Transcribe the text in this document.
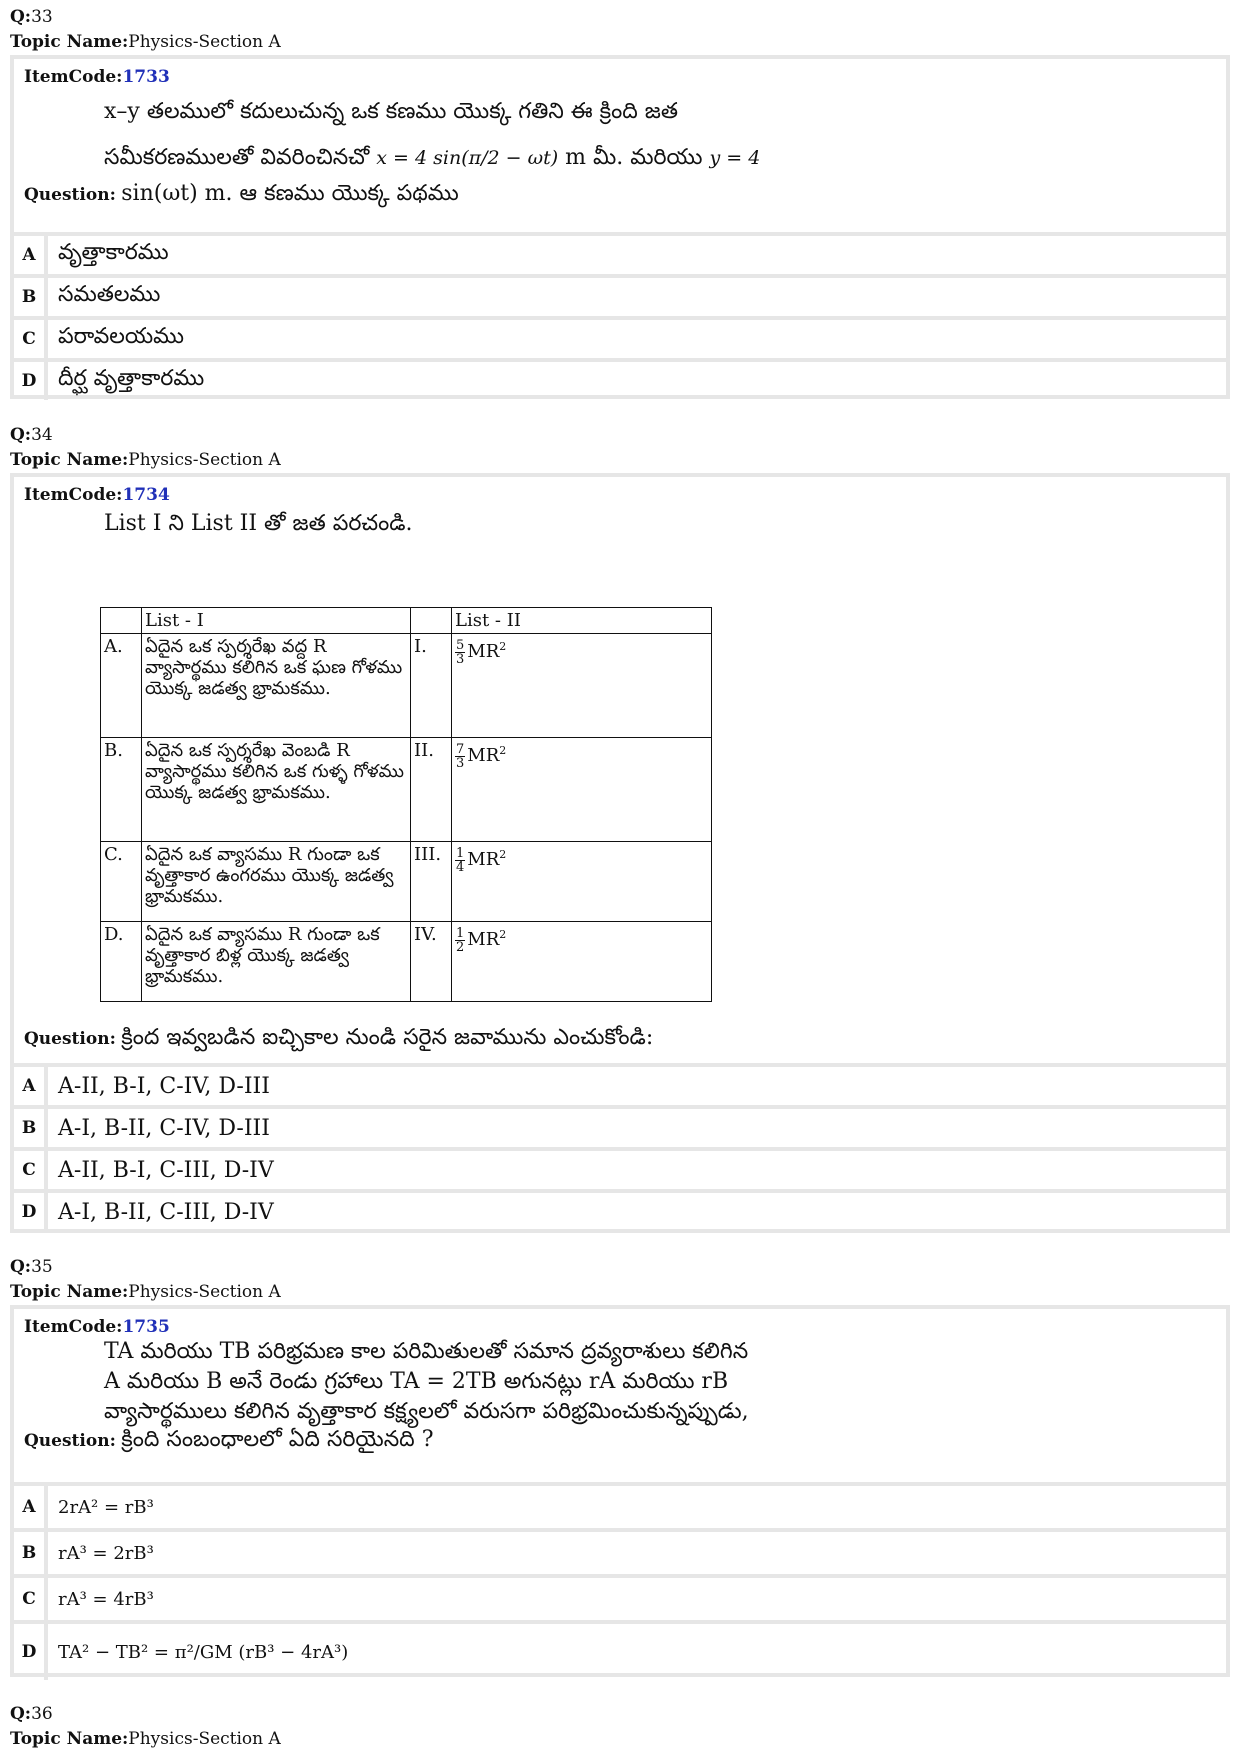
Q:33
Topic Name:Physics-Section A
ItemCode:1733
x–y తలములో కదులుచున్న ఒక కణము యొక్క గతిని ఈ క్రింది జత
సమీకరణములతో వివరించినచో x = 4 sin(π/2 − ωt) m మీ. మరియు y = 4
Question: sin(ωt) m. ఆ కణము యొక్క పథము
A	వృత్తాకారము
B సమతలము
C	పరావలయము
D దీర్ఘ వృత్తాకారము
Q:34
Topic Name:Physics-Section A
ItemCode:1734
List I ని List II తో జత పరచండి.
	List - I		List - II
A.	ఏదైన ఒక స్పర్శరేఖ వద్ద R వ్యాసార్థము కలిగిన ఒక ఘణ గోళము యొక్క జడత్వ భ్రామకము.	I.	$\frac{5}{3} MR^2$
B.	ఏదైన ఒక స్పర్శరేఖ వెంబడి R వ్యాసార్థము కలిగిన ఒక గుళ్ళ గోళము యొక్క జడత్వ భ్రామకము.	II.	$\frac{7}{3} MR^2$
C.	ఏదైన ఒక వ్యాసము R గుండా ఒక వృత్తాకార ఉంగరము యొక్క జడత్వ భ్రామకము.	III.	$\frac{1}{4} MR^2$
D.	ఏదైన ఒక వ్యాసము R గుండా ఒక వృత్తాకార బిళ్ల యొక్క జడత్వ భ్రామకము.	IV.	$\frac{1}{2} MR^2$
Question: క్రింద ఇవ్వబడిన ఐచ్చికాల నుండి సరైన జవామును ఎంచుకోండి:
A	A-II, B-I, C-IV, D-III
B A-I, B-II, C-IV, D-III
C	A-II, B-I, C-III, D-IV
D A-I, B-II, C-III, D-IV
Q:35
Topic Name:Physics-Section A
ItemCode:1735
TA మరియు TB పరిభ్రమణ కాల పరిమితులతో సమాన ద్రవ్యరాశులు కలిగిన
A మరియు B అనే రెండు గ్రహాలు TA = 2TB అగునట్లు rA మరియు rB
వ్యాసార్థములు కలిగిన వృత్తాకార కక్ష్యలలో వరుసగా పరిభ్రమించుకున్నప్పుడు,
Question: క్రింది సంబంధాలలో ఏది సరియైనది ?
A	2rA² = rB³
B	rA³ = 2rB³
C	rA³ = 4rB³
D	TA² − TB² = π²/GM (rB³ − 4rA³)
Q:36
Topic Name:Physics-Section A
